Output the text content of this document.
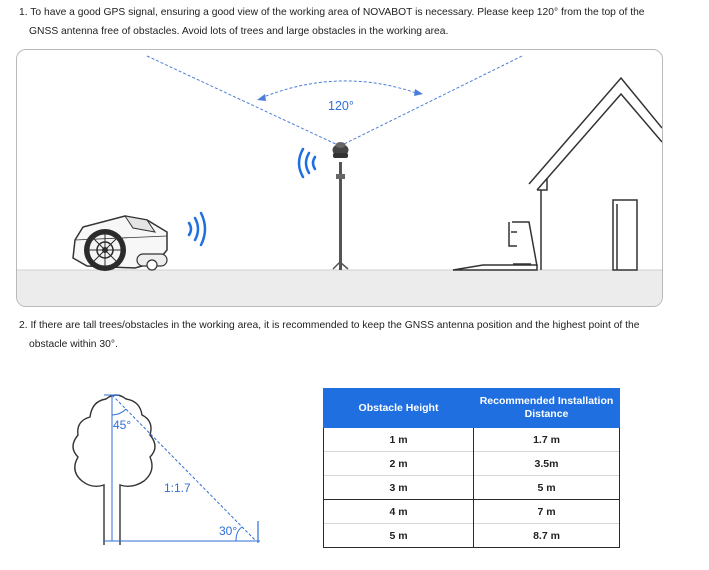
1. To have a good GPS signal, ensuring a good view of the working area of NOVABOT is necessary. Please keep 120° from the top of the
GNSS antenna free of obstacles. Avoid lots of trees and large obstacles in the working area.
120°
2. If there are tall trees/obstacles in the working area, it is recommended to keep the GNSS antenna position and the highest point of the
obstacle within 30°.
45°
1:1.7
30°
Obstacle Height	Recommended Installation Distance
1 m	1.7 m
2 m	3.5m
3 m	5 m
4 m	7 m
5 m	8.7 m
